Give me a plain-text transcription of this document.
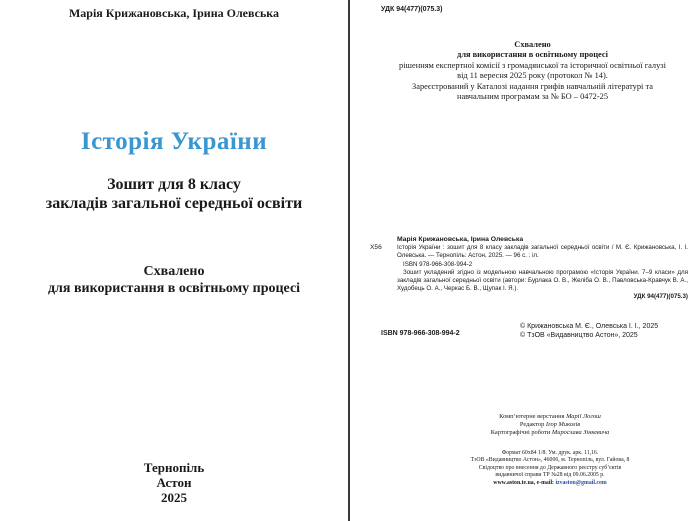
Марія Крижановська, Ірина Олевська
Історія України
Зошит для 8 класу
закладів загальної середньої освіти
Схвалено
для використання в освітньому процесі
Тернопіль
Астон
2025
УДК 94(477)(075.3)
Схвалено
для використання в освітньому процесі
рішенням експертної комісії з громадянської та історичної освітньої галузі
від 11 вересня 2025 року (протокол № 14).
Зареєстрований у Каталозі надання грифів навчальній літературі та
навчальним програмам за № БО – 0472-25
Марія Крижановська, Ірина Олевська
Х56	Історія України : зошит для 8 класу закладів загальної середньої освіти / М. Є. Крижановська, І. І. Олевська. — Тернопіль: Астон, 2025. — 96 с. : іл.
ISBN 978-966-308-994-2
Зошит укладений згідно із модельною навчальною програмою «Історія України. 7–9 класи» для закладів загальної середньої освіти (автори: Бурлака О. В., Желіба О. В., Павловська-Кравчук В. А., Худобець О. А., Черкас Б. В., Щупак І. Я.).
УДК 94(477)(075.3)
ISBN 978-966-308-994-2
© Крижановська М. Є., Олевська І. І., 2025
© ТзОВ «Видавництво Астон», 2025
Комп’ютерне верстання Марії Логош
Редактор Ігор Миколів
Картографічні роботи Мирослава Зінкевича
Формат 60х84 1/8. Ум. друк. арк. 11,16.
ТзОВ «Видавництво Астон», 46006, м. Тернопіль, вул. Гайова, 8
Свідоцтво про внесення до Державного реєстру суб’єктів
видавничої справи ТР №28 від 09.06.2005 р.
www.aston.te.ua, e-mail: izvaston@gmail.com
